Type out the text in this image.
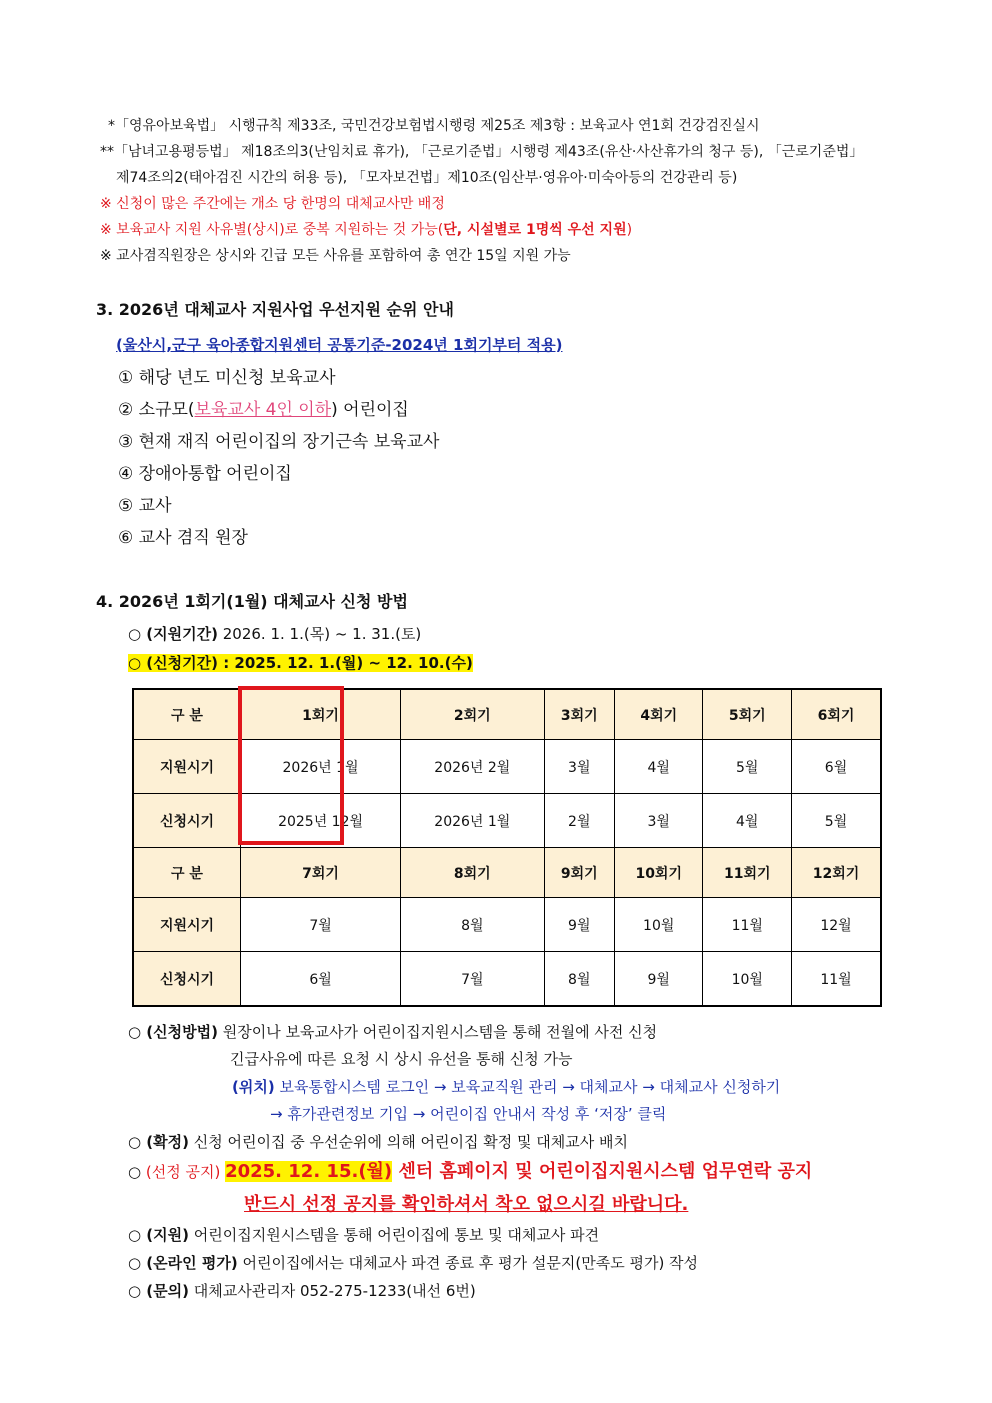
*「영유아보육법」 시행규칙 제33조, 국민건강보험법시행령 제25조 제3항 : 보육교사 연1회 건강검진실시
**「남녀고용평등법」 제18조의3(난임치료 휴가), 「근로기준법」시행령 제43조(유산·사산휴가의 청구 등), 「근로기준법」
제74조의2(태아검진 시간의 허용 등), 「모자보건법」제10조(임산부·영유아·미숙아등의 건강관리 등)
※ 신청이 많은 주간에는 개소 당 한명의 대체교사만 배정
※ 보육교사 지원 사유별(상시)로 중복 지원하는 것 가능(단, 시설별로 1명씩 우선 지원)
※ 교사겸직원장은 상시와 긴급 모든 사유를 포함하여 총 연간 15일 지원 가능
3. 2026년 대체교사 지원사업 우선지원 순위 안내
(울산시,군구 육아종합지원센터 공통기준-2024년 1회기부터 적용)
① 해당 년도 미신청 보육교사
② 소규모(보육교사 4인 이하) 어린이집
③ 현재 재직 어린이집의 장기근속 보육교사
④ 장애아통합 어린이집
⑤ 교사
⑥ 교사 겸직 원장
4. 2026년 1회기(1월) 대체교사 신청 방법
○ (지원기간) 2026. 1. 1.(목) ~ 1. 31.(토)
○ (신청기간) : 2025. 12. 1.(월) ~ 12. 10.(수)
구 분	1회기	2회기	3회기	4회기	5회기	6회기
지원시기	2026년 1월	2026년 2월	3월	4월	5월	6월
신청시기	2025년 12월	2026년 1월	2월	3월	4월	5월
구 분	7회기	8회기	9회기	10회기	11회기	12회기
지원시기	7월	8월	9월	10월	11월	12월
신청시기	6월	7월	8월	9월	10월	11월
○ (신청방법) 원장이나 보육교사가 어린이집지원시스템을 통해 전월에 사전 신청
긴급사유에 따른 요청 시 상시 유선을 통해 신청 가능
(위치) 보육통합시스템 로그인 → 보육교직원 관리 → 대체교사 → 대체교사 신청하기
→ 휴가관련정보 기입 → 어린이집 안내서 작성 후 ‘저장’ 클릭
○ (확정) 신청 어린이집 중 우선순위에 의해 어린이집 확정 및 대체교사 배치
○ (선정 공지) 2025. 12. 15.(월) 센터 홈페이지 및 어린이집지원시스템 업무연락 공지
반드시 선정 공지를 확인하셔서 착오 없으시길 바랍니다.
○ (지원) 어린이집지원시스템을 통해 어린이집에 통보 및 대체교사 파견
○ (온라인 평가) 어린이집에서는 대체교사 파견 종료 후 평가 설문지(만족도 평가) 작성
○ (문의) 대체교사관리자 052-275-1233(내선 6번)
